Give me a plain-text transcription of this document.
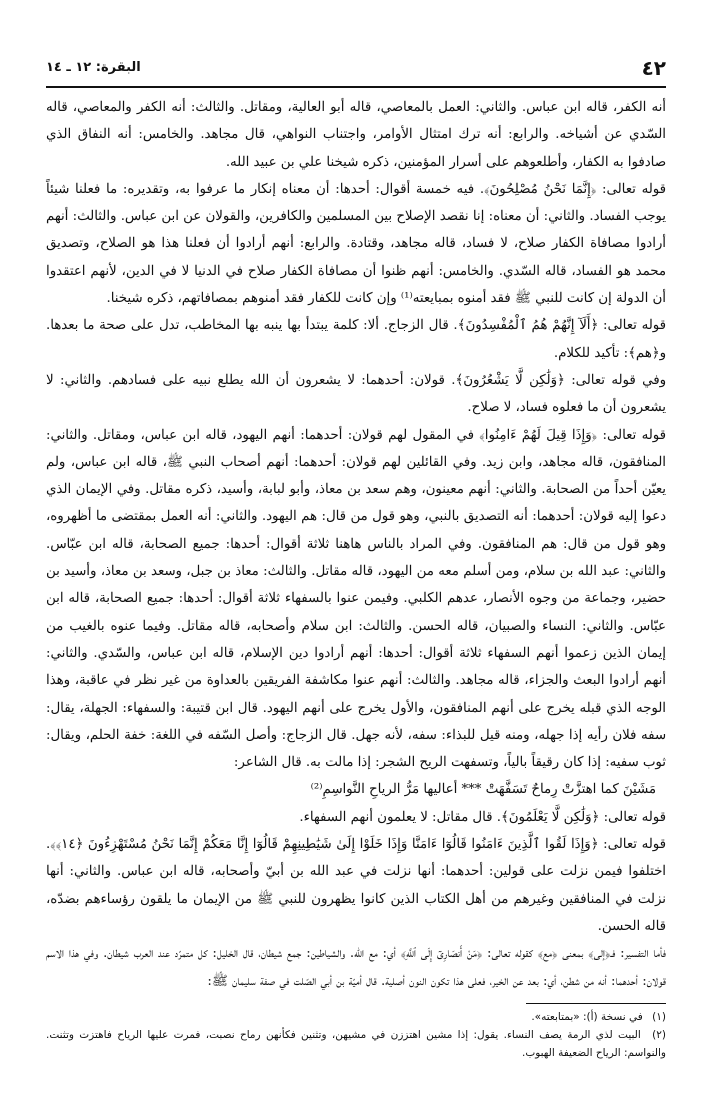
٤٢
البقرة: ١٢ ـ ١٤

أنه الكفر، قاله ابن عباس. والثاني: العمل بالمعاصي، قاله أبو العالية، ومقاتل. والثالث: أنه الكفر والمعاصي، قاله السّدي عن أشياخه. والرابع: أنه ترك امتثال الأوامر، واجتناب النواهي، قال مجاهد. والخامس: أنه النفاق الذي صادفوا به الكفار، وأطلعوهم على أسرار المؤمنين، ذكره شيخنا علي بن عبيد الله.

قوله تعالى: ﴿إِنَّمَا نَحْنُ مُصْلِحُونَ﴾. فيه خمسة أقوال: أحدها: أن معناه إنكار ما عرفوا به، وتقديره: ما فعلنا شيئاً يوجب الفساد. والثاني: أن معناه: إنا نقصد الإصلاح بين المسلمين والكافرين، والقولان عن ابن عباس. والثالث: أنهم أرادوا مصافاة الكفار صلاح، لا فساد، قاله مجاهد، وقتادة. والرابع: أنهم أرادوا أن فعلنا هذا هو الصلاح، وتصديق محمد هو الفساد، قاله السّدي. والخامس: أنهم ظنوا أن مصافاة الكفار صلاح في الدنيا لا في الدين، لأنهم اعتقدوا أن الدولة إن كانت للنبي ﷺ فقد أمنوه بمبايعته⁽¹⁾ وإن كانت للكفار فقد أمنوهم بمصافاتهم، ذكره شيخنا.

قوله تعالى: ﴿أَلَآ إِنَّهُمْ هُمُ ٱلْمُفْسِدُونَ﴾. قال الزجاج. ألا: كلمة يبتدأ بها ينبه بها المخاطب، تدل على صحة ما بعدها. و﴿هم﴾: تأكيد للكلام.

وفي قوله تعالى: ﴿وَلَٰكِن لَّا يَشْعُرُونَ﴾. قولان: أحدهما: لا يشعرون أن الله يطلع نبيه على فسادهم. والثاني: لا يشعرون أن ما فعلوه فساد، لا صلاح.

قوله تعالى: ﴿وَإِذَا قِيلَ لَهُمْ ءَامِنُوا﴾ في المقول لهم قولان: أحدهما: أنهم اليهود، قاله ابن عباس، ومقاتل. والثاني: المنافقون، قاله مجاهد، وابن زيد. وفي القائلين لهم قولان: أحدهما: أنهم أصحاب النبي ﷺ، قاله ابن عباس، ولم يعيّن أحداً من الصحابة. والثاني: أنهم معينون، وهم سعد بن معاذ، وأبو لبابة، وأسيد، ذكره مقاتل. وفي الإيمان الذي دعوا إليه قولان: أحدهما: أنه التصديق بالنبي، وهو قول من قال: هم اليهود. والثاني: أنه العمل بمقتضى ما أظهروه، وهو قول من قال: هم المنافقون. وفي المراد بالناس هاهنا ثلاثة أقوال: أحدها: جميع الصحابة، قاله ابن عبّاس. والثاني: عبد الله بن سلام، ومن أسلم معه من اليهود، قاله مقاتل. والثالث: معاذ بن جبل، وسعد بن معاذ، وأسيد بن حضير، وجماعة من وجوه الأنصار، عدهم الكلبي. وفيمن عنوا بالسفهاء ثلاثة أقوال: أحدها: جميع الصحابة، قاله ابن عبّاس. والثاني: النساء والصبيان، قاله الحسن. والثالث: ابن سلام وأصحابه، قاله مقاتل. وفيما عنوه بالغيب من إيمان الذين زعموا أنهم السفهاء ثلاثة أقوال: أحدها: أنهم أرادوا دين الإسلام، قاله ابن عباس، والسّدي. والثاني: أنهم أرادوا البعث والجزاء، قاله مجاهد. والثالث: أنهم عنوا مكاشفة الفريقين بالعداوة من غير نظر في عاقبة، وهذا الوجه الذي قبله يخرج على أنهم المنافقون، والأول يخرج على أنهم اليهود. قال ابن قتيبة: والسفهاء: الجهلة، يقال: سفه فلان رأيه إذا جهله، ومنه قيل للبذاء: سفه، لأنه جهل. قال الزجاج: وأصل السّفه في اللغة: خفة الحلم، ويقال: ثوب سفيه: إذا كان رقيقاً بالياً، وتسفهت الريح الشجر: إذا مالت به. قال الشاعر:

مَشَيْنَ كما اهتزَّتْ رِماحٌ تَسَفَّهَتْ *** أعاليها مَرُّ الرياحِ النَّواسِمِ⁽²⁾

قوله تعالى: ﴿وَلَٰكِن لَّا يَعْلَمُونَ﴾. قال مقاتل: لا يعلمون أنهم السفهاء.

قوله تعالى: ﴿وَإِذَا لَقُوا ٱلَّذِينَ ءَامَنُوا قَالُوٓا ءَامَنَّا وَإِذَا خَلَوْا إِلَىٰ شَيَٰطِينِهِمْ قَالُوٓا إِنَّا مَعَكُمْ إِنَّمَا نَحْنُ مُسْتَهْزِءُونَ ﴿١٤﴾﴾. اختلفوا فيمن نزلت على قولين: أحدهما: أنها نزلت في عبد الله بن أبيّ وأصحابه، قاله ابن عباس. والثاني: أنها نزلت في المنافقين وغيرهم من أهل الكتاب الذين كانوا يظهرون للنبي ﷺ من الإيمان ما يلقون رؤساءهم بضدّه، قاله الحسن.

فأما التفسير: فـ﴿إلى﴾ بمعنى ﴿مع﴾ كقوله تعالى: ﴿مَنْ أَنصَارِىٓ إِلَى ٱللَّهِ﴾ أي: مع الله. والشياطين: جمع شيطان، قال الخليل: كل متمرّد عند العرب شيطان. وفي هذا الاسم قولان: أحدهما: أنه من شطن، أي: بعد عن الخير، فعلى هذا تكون النون أصلية. قال أميّة بن أبي الصّلت في صفة سليمان ﷺ:

(١) في نسخة (أ): «بمتابعته».

(٢) البيت لذي الرمة يصف النساء. يقول: إذا مشين اهتززن في مشيهن، وتثنين فكأنهن رماح نصبت، فمرت عليها الرياح فاهتزت وتثنت. والنواسم: الرياح الضعيفة الهبوب.
